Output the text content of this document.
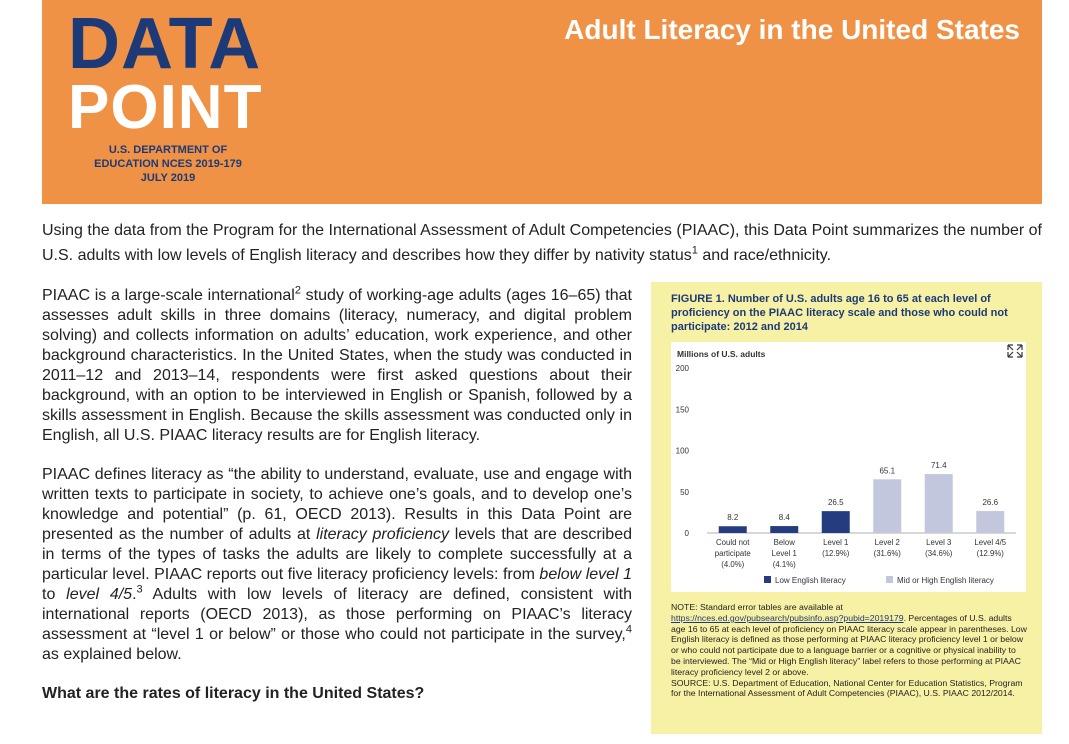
DATA
POINT
U.S. DEPARTMENT OF
EDUCATION NCES 2019-179
JULY 2019
Adult Literacy in the United States
Using the data from the Program for the International Assessment of Adult Competencies (PIAAC), this Data Point summarizes the number of U.S. adults with low levels of English literacy and describes how they differ by nativity status$^1$ and race/ethnicity.

PIAAC is a large-scale international$^2$ study of working-age adults (ages 16–65) that assesses adult skills in three domains (literacy, numeracy, and digital problem solving) and collects information on adults’ education, work experience, and other background characteristics. In the United States, when the study was conducted in 2011–12 and 2013–14, respondents were first asked questions about their background, with an option to be interviewed in English or Spanish, followed by a skills assessment in English. Because the skills assessment was conducted only in English, all U.S. PIAAC literacy results are for English literacy.

PIAAC defines literacy as “the ability to understand, evaluate, use and engage with written texts to participate in society, to achieve one’s goals, and to develop one’s knowledge and potential” (p. 61, OECD 2013). Results in this Data Point are presented as the number of adults at literacy proficiency levels that are described in terms of the types of tasks the adults are likely to complete successfully at a particular level. PIAAC reports out five literacy proficiency levels: from below level 1 to level 4/5.$^3$ Adults with low levels of literacy are defined, consistent with international reports (OECD 2013), as those performing on PIAAC’s literacy assessment at “level 1 or below” or those who could not participate in the survey,$^4$ as explained below.

What are the rates of literacy in the United States?
FIGURE 1. Number of U.S. adults age 16 to 65 at each level of proficiency on the PIAAC literacy scale and those who could not participate: 2012 and 2014
Millions of U.S. adults
0
50
100
150
200
8.2
Could not
participate
(4.0%)
8.4
Below
Level 1
(4.1%)
26.5
Level 1
(12.9%)
65.1
Level 2
(31.6%)
71.4
Level 3
(34.6%)
26.6
Level 4/5
(12.9%)
Low English literacy	Mid or High English literacy
NOTE: Standard error tables are available at
https://nces.ed.gov/pubsearch/pubsinfo.asp?pubid=2019179. Percentages of U.S. adults age 16 to 65 at each level of proficiency on PIAAC literacy scale appear in parentheses. Low English literacy is defined as those performing at PIAAC literacy proficiency level 1 or below or who could not participate due to a language barrier or a cognitive or physical inability to be interviewed. The “Mid or High English literacy” label refers to those performing at PIAAC literacy proficiency level 2 or above.
SOURCE: U.S. Department of Education, National Center for Education Statistics, Program for the International Assessment of Adult Competencies (PIAAC), U.S. PIAAC 2012/2014.
